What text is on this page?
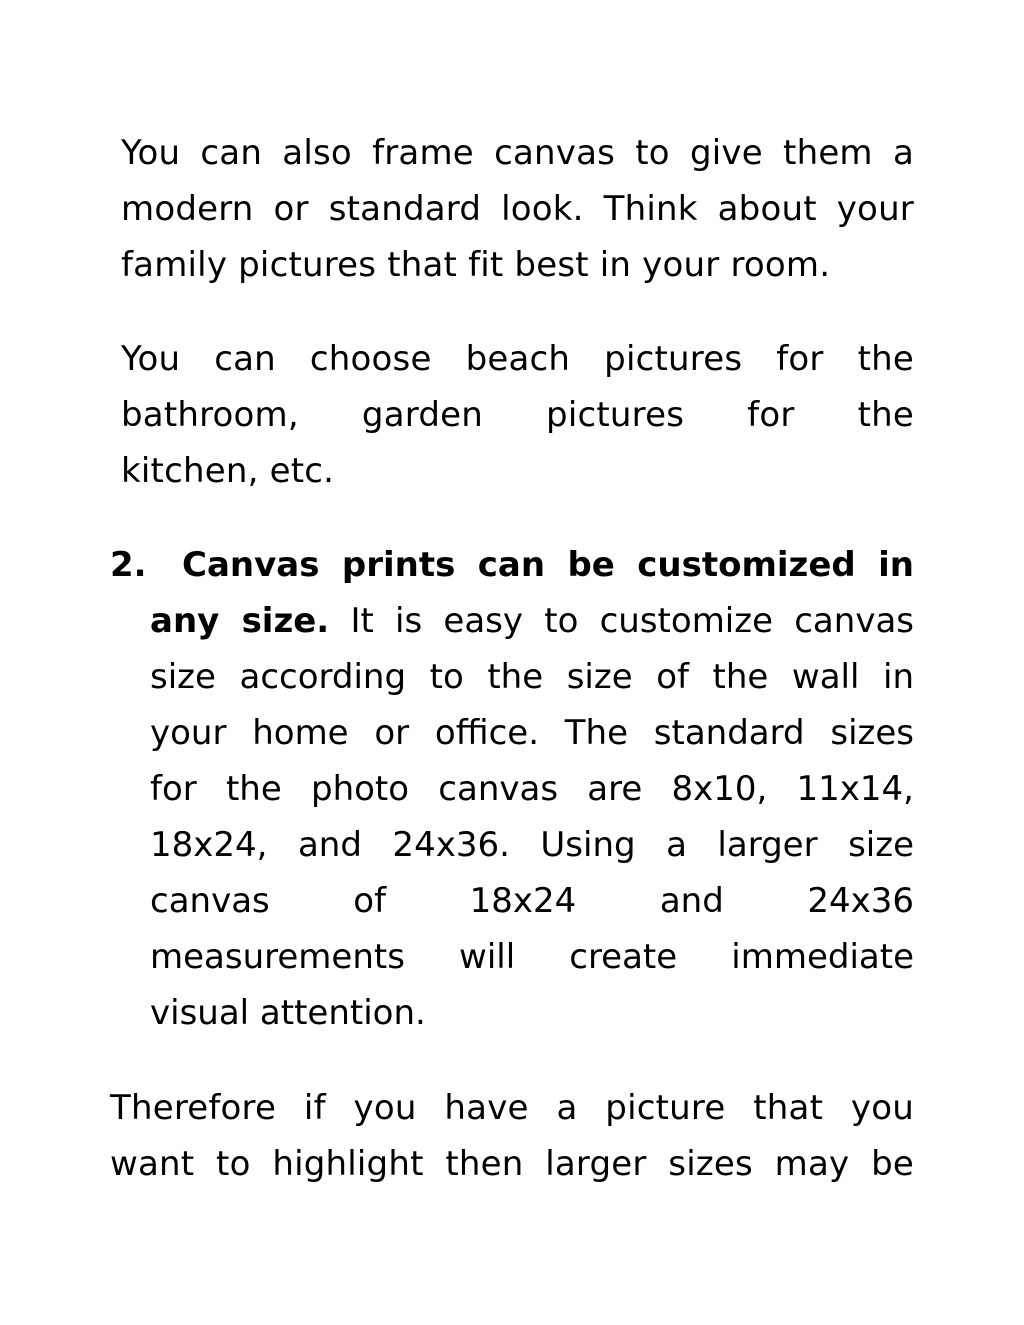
You can also frame canvas to give them a
modern or standard look. Think about your
family pictures that fit best in your room.
You can choose beach pictures for the
bathroom, garden pictures for the
kitchen, etc.
2. Canvas prints can be customized in
any size. It is easy to customize canvas
size according to the size of the wall in
your home or office. The standard sizes
for the photo canvas are 8x10, 11x14,
18x24, and 24x36. Using a larger size
canvas of 18x24 and 24x36
measurements will create immediate
visual attention.
Therefore if you have a picture that you
want to highlight then larger sizes may be
